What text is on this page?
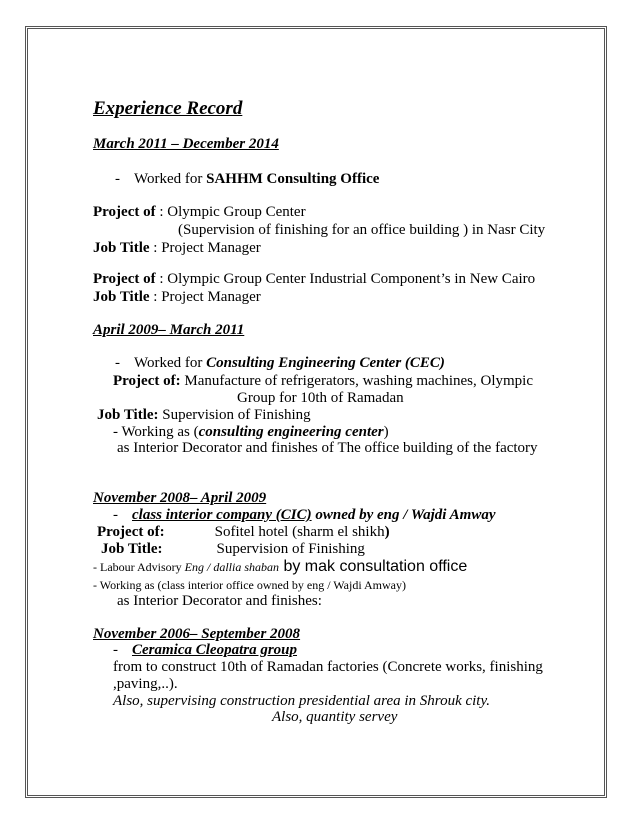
Experience Record
March 2011 – December 2014
- Worked for SAHHM Consulting Office
Project of : Olympic Group Center
(Supervision of finishing for an office building ) in Nasr City
Job Title : Project Manager
Project of : Olympic Group Center Industrial Component’s in New Cairo
Job Title : Project Manager
April 2009– March 2011
- Worked for Consulting Engineering Center (CEC)
Project of: Manufacture of refrigerators, washing machines, Olympic
Group for 10th of Ramadan
Job Title: Supervision of Finishing
- Working as (consulting engineering center)
as Interior Decorator and finishes of The office building of the factory
November 2008– April 2009
- class interior company (CIC) owned by eng / Wajdi Amway
Project of:	Sofitel hotel (sharm el shikh)
Job Title:	Supervision of Finishing
- Labour Advisory Eng / dallia shaban by mak consultation office
- Working as (class interior office owned by eng / Wajdi Amway)
as Interior Decorator and finishes:
November 2006– September 2008
- Ceramica Cleopatra group
from to construct 10th of Ramadan factories (Concrete works, finishing
,paving,..).
Also, supervising construction presidential area in Shrouk city.
Also, quantity servey
